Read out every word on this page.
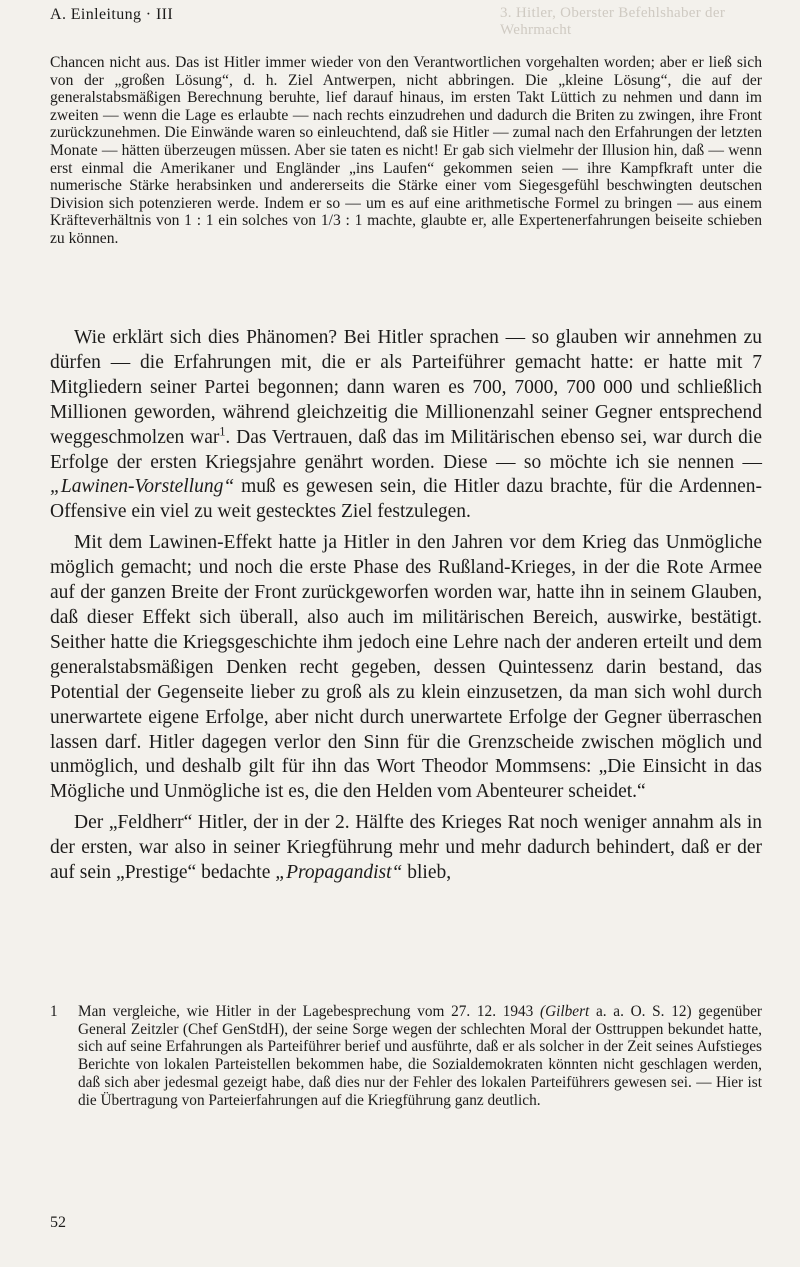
3. Hitler, Oberster Befehlshaber der Wehrmacht
A. Einleitung · III

Chancen nicht aus. Das ist Hitler immer wieder von den Verantwortlichen vorgehalten worden; aber er ließ sich von der „großen Lösung“, d. h. Ziel Antwerpen, nicht abbringen. Die „kleine Lösung“, die auf der generalstabsmäßigen Berechnung beruhte, lief darauf hinaus, im ersten Takt Lüttich zu nehmen und dann im zweiten — wenn die Lage es erlaubte — nach rechts einzudrehen und dadurch die Briten zu zwingen, ihre Front zurückzunehmen. Die Einwände waren so einleuchtend, daß sie Hitler — zumal nach den Erfahrungen der letzten Monate — hätten überzeugen müssen. Aber sie taten es nicht! Er gab sich vielmehr der Illusion hin, daß — wenn erst einmal die Amerikaner und Engländer „ins Laufen“ gekommen seien — ihre Kampfkraft unter die numerische Stärke herabsinken und andererseits die Stärke einer vom Siegesgefühl beschwingten deutschen Division sich potenzieren werde. Indem er so — um es auf eine arithmetische Formel zu bringen — aus einem Kräfteverhältnis von 1 : 1 ein solches von 1/3 : 1 machte, glaubte er, alle Expertenerfahrungen beiseite schieben zu können.

Wie erklärt sich dies Phänomen? Bei Hitler sprachen — so glauben wir annehmen zu dürfen — die Erfahrungen mit, die er als Parteiführer gemacht hatte: er hatte mit 7 Mitgliedern seiner Partei begonnen; dann waren es 700, 7000, 700 000 und schließlich Millionen geworden, während gleichzeitig die Millionenzahl seiner Gegner entsprechend weggeschmolzen war$^1$. Das Vertrauen, daß das im Militärischen ebenso sei, war durch die Erfolge der ersten Kriegsjahre genährt worden. Diese — so möchte ich sie nennen — „Lawinen-Vorstellung“ muß es gewesen sein, die Hitler dazu brachte, für die Ardennen-Offensive ein viel zu weit gestecktes Ziel festzulegen.

Mit dem Lawinen-Effekt hatte ja Hitler in den Jahren vor dem Krieg das Unmögliche möglich gemacht; und noch die erste Phase des Rußland-Krieges, in der die Rote Armee auf der ganzen Breite der Front zurückgeworfen worden war, hatte ihn in seinem Glauben, daß dieser Effekt sich überall, also auch im militärischen Bereich, auswirke, bestätigt. Seither hatte die Kriegsgeschichte ihm jedoch eine Lehre nach der anderen erteilt und dem generalstabsmäßigen Denken recht gegeben, dessen Quintessenz darin bestand, das Potential der Gegenseite lieber zu groß als zu klein einzusetzen, da man sich wohl durch unerwartete eigene Erfolge, aber nicht durch unerwartete Erfolge der Gegner überraschen lassen darf. Hitler dagegen verlor den Sinn für die Grenzscheide zwischen möglich und unmöglich, und deshalb gilt für ihn das Wort Theodor Mommsens: „Die Einsicht in das Mögliche und Unmögliche ist es, die den Helden vom Abenteurer scheidet.“

Der „Feldherr“ Hitler, der in der 2. Hälfte des Krieges Rat noch weniger annahm als in der ersten, war also in seiner Kriegführung mehr und mehr dadurch behindert, daß er der auf sein „Prestige“ bedachte „Propagandist“ blieb,

1	Man vergleiche, wie Hitler in der Lagebesprechung vom 27. 12. 1943 (Gilbert a. a. O. S. 12) gegenüber General Zeitzler (Chef GenStdH), der seine Sorge wegen der schlechten Moral der Osttruppen bekundet hatte, sich auf seine Erfahrungen als Parteiführer berief und ausführte, daß er als solcher in der Zeit seines Aufstieges Berichte von lokalen Parteistellen bekommen habe, die Sozialdemokraten könnten nicht geschlagen werden, daß sich aber jedesmal gezeigt habe, daß dies nur der Fehler des lokalen Parteiführers gewesen sei. — Hier ist die Übertragung von Parteierfahrungen auf die Kriegführung ganz deutlich.
52
